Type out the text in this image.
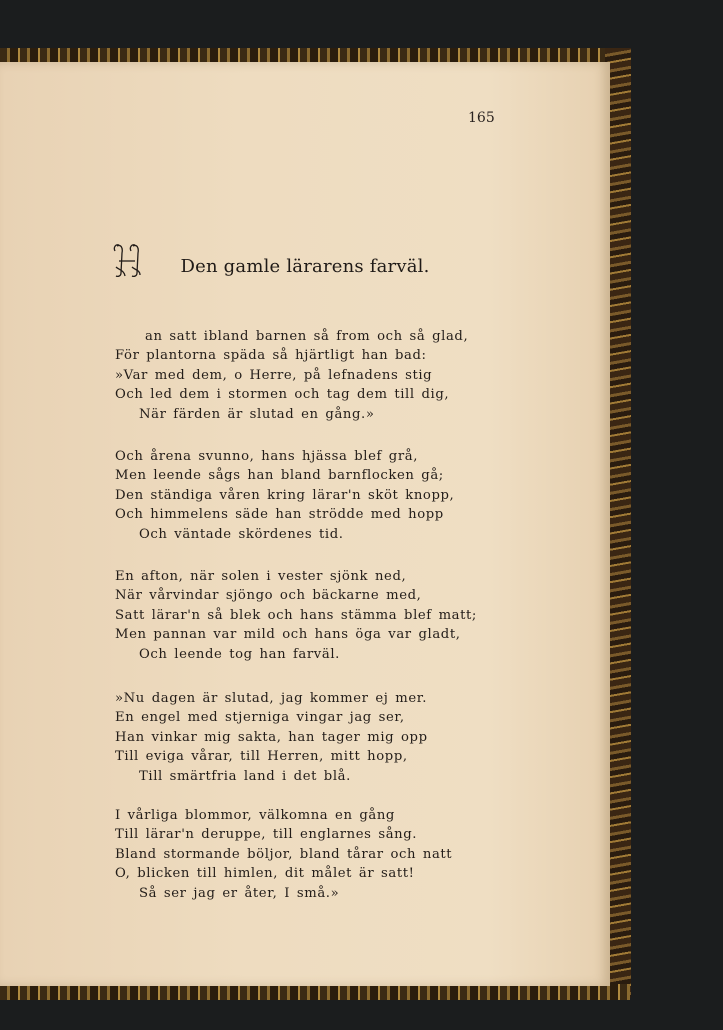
165
Den gamle lärarens farväl.
H
an satt ibland barnen så from och så glad,
För plantorna späda så hjärtligt han bad:
»Var med dem, o Herre, på lefnadens stig
Och led dem i stormen och tag dem till dig,
När färden är slutad en gång.»
Och årena svunno, hans hjässa blef grå,
Men leende sågs han bland barnflocken gå;
Den ständiga våren kring lärar'n sköt knopp,
Och himmelens säde han strödde med hopp
Och väntade skördenes tid.
En afton, när solen i vester sjönk ned,
När vårvindar sjöngo och bäckarne med,
Satt lärar'n så blek och hans stämma blef matt;
Men pannan var mild och hans öga var gladt,
Och leende tog han farväl.
»Nu dagen är slutad, jag kommer ej mer.
En engel med stjerniga vingar jag ser,
Han vinkar mig sakta, han tager mig opp
Till eviga vårar, till Herren, mitt hopp,
Till smärtfria land i det blå.
I vårliga blommor, välkomna en gång
Till lärar'n deruppe, till englarnes sång.
Bland stormande böljor, bland tårar och natt
O, blicken till himlen, dit målet är satt!
Så ser jag er åter, I små.»
